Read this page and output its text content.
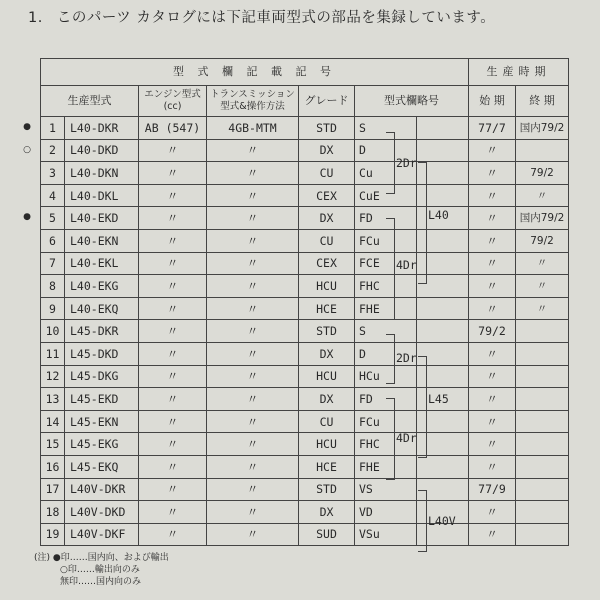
1. このパーツ カタログには下記車両型式の部品を集録しています。
型 式 欄 記 載 記 号							生産時期	
生産型式		エンジン型式
(cc)	トランスミッション
型式&操作方法	グレード	型式欄略号		始 期	終 期
1	L40-DKR	AB (547)	4GB-MTM	STD	S		77/7	国内79/2
2	L40-DKD	〃	〃	DX	D		〃	
3	L40-DKN	〃	〃	CU	Cu		〃	79/2
4	L40-DKL	〃	〃	CEX	CuE		〃	〃
5	L40-EKD	〃	〃	DX	FD		〃	国内79/2
6	L40-EKN	〃	〃	CU	FCu		〃	79/2
7	L40-EKL	〃	〃	CEX	FCE		〃	〃
8	L40-EKG	〃	〃	HCU	FHC		〃	〃
9	L40-EKQ	〃	〃	HCE	FHE		〃	〃
10	L45-DKR	〃	〃	STD	S		79/2	
11	L45-DKD	〃	〃	DX	D		〃	
12	L45-DKG	〃	〃	HCU	HCu		〃	
13	L45-EKD	〃	〃	DX	FD		〃	
14	L45-EKN	〃	〃	CU	FCu		〃	
15	L45-EKG	〃	〃	HCU	FHC		〃	
16	L45-EKQ	〃	〃	HCE	FHE		〃	
17	L40V-DKR	〃	〃	STD	VS		77/9	
18	L40V-DKD	〃	〃	DX	VD		〃	
19	L40V-DKF	〃	〃	SUD	VSu		〃	
●
○
●
2Dr
4Dr
L40
2Dr
4Dr
L45
L40V
(注) ●印……国内向、および輸出
○印……輸出向のみ
無印……国内向のみ
